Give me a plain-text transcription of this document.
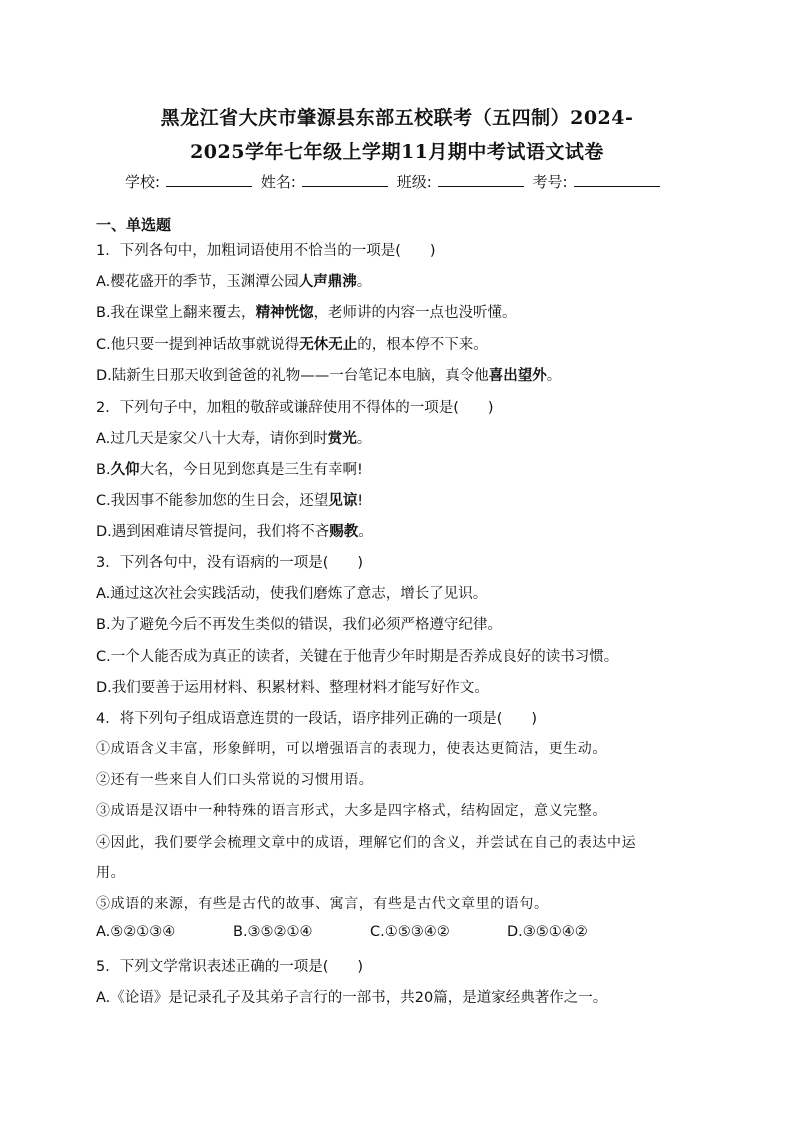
黑龙江省大庆市肇源县东部五校联考（五四制）2024-
2025学年七年级上学期11月期中考试语文试卷
学校:	姓名:	班级:	考号:
一、单选题
1．下列各句中，加粗词语使用不恰当的一项是(　　)
A.樱花盛开的季节，玉渊潭公园人声鼎沸。
B.我在课堂上翻来覆去，精神恍惚，老师讲的内容一点也没听懂。
C.他只要一提到神话故事就说得无休无止的，根本停不下来。
D.陆新生日那天收到爸爸的礼物——一台笔记本电脑，真令他喜出望外。
2．下列句子中，加粗的敬辞或谦辞使用不得体的一项是(　　)
A.过几天是家父八十大寿，请你到时赏光。
B.久仰大名，今日见到您真是三生有幸啊!
C.我因事不能参加您的生日会，还望见谅!
D.遇到困难请尽管提问，我们将不吝赐教。
3．下列各句中，没有语病的一项是(　　)
A.通过这次社会实践活动，使我们磨炼了意志，增长了见识。
B.为了避免今后不再发生类似的错误，我们必须严格遵守纪律。
C.一个人能否成为真正的读者，关键在于他青少年时期是否养成良好的读书习惯。
D.我们要善于运用材料、积累材料、整理材料才能写好作文。
4．将下列句子组成语意连贯的一段话，语序排列正确的一项是(　　)
①成语含义丰富，形象鲜明，可以增强语言的表现力，使表达更简洁，更生动。
②还有一些来自人们口头常说的习惯用语。
③成语是汉语中一种特殊的语言形式，大多是四字格式，结构固定，意义完整。
④因此，我们要学会梳理文章中的成语，理解它们的含义，并尝试在自己的表达中运
用。
⑤成语的来源，有些是古代的故事、寓言，有些是古代文章里的语句。
A.⑤②①③④	B.③⑤②①④	C.①⑤③④②	D.③⑤①④②
5．下列文学常识表述正确的一项是(　　)
A.《论语》是记录孔子及其弟子言行的一部书，共20篇，是道家经典著作之一。
